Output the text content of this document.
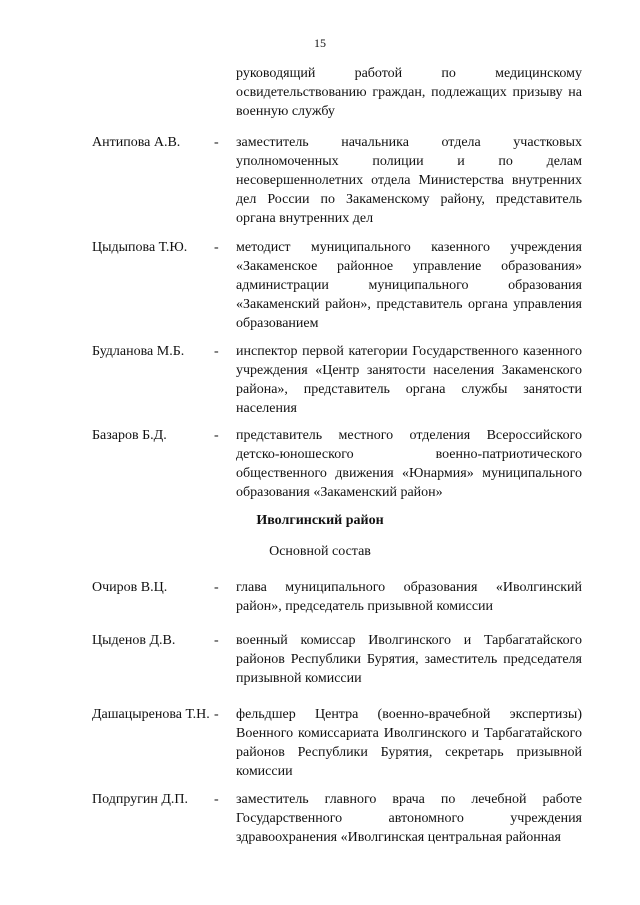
15
руководящий работой по медицинскому освидетельствованию граждан, подлежащих призыву на военную службу
Антипова А.В.	- заместитель начальника отдела участковых уполномоченных полиции и по делам несовершеннолетних отдела Министерства внутренних дел России по Закаменскому району, представитель органа внутренних дел
Цыдыпова Т.Ю.	- методист муниципального казенного учреждения «Закаменское районное управление образования» администрации муниципального образования «Закаменский район», представитель органа управления образованием
Будланова М.Б.	- инспектор первой категории Государственного казенного учреждения «Центр занятости населения Закаменского района», представитель органа службы занятости населения
Базаров Б.Д.	- представитель местного отделения Всероссийского детско-юношеского военно-патриотического общественного движения «Юнармия» муниципального образования «Закаменский район»
Иволгинский район
Основной состав
Очиров В.Ц.	- глава муниципального образования «Иволгинский район», председатель призывной комиссии
Цыденов Д.В.	- военный комиссар Иволгинского и Тарбагатайского районов Республики Бурятия, заместитель председателя призывной комиссии
Дашацыренова Т.Н. - фельдшер Центра (военно-врачебной экспертизы) Военного комиссариата Иволгинского и Тарбагатайского районов Республики Бурятия, секретарь призывной комиссии
Подпругин Д.П.	- заместитель главного врача по лечебной работе Государственного автономного учреждения здравоохранения «Иволгинская центральная районная
